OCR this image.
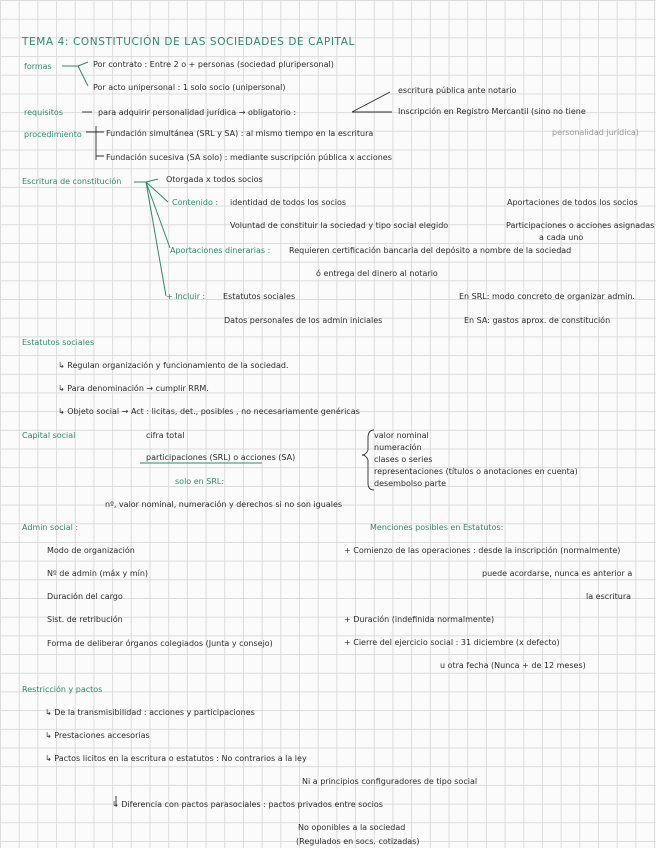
TEMA 4: CONSTITUCIÓN DE LAS SOCIEDADES DE CAPITAL
formas	Por contrato : Entre 2 o + personas (sociedad pluripersonal)
Por acto unipersonal : 1 solo socio (unipersonal)
requisitos	para adquirir personalidad jurídica → obligatorio :
escritura pública ante notario
Inscripción en Registro Mercantil (sino no tiene
personalidad jurídica)
procedimiento	Fundación simultánea (SRL y SA) : al mismo tiempo en la escritura
Fundación sucesiva (SA solo) : mediante suscripción pública x acciones
Escritura de constitución	Otorgada x todos socios
Contenido : identidad de todos los socios	Aportaciones de todos los socios
Voluntad de constituir la sociedad y tipo social elegido	Participaciones o acciones asignadas
a cada uno
Aportaciones dinerarias : Requieren certificación bancaria del depósito a nombre de la sociedad
ó entrega del dinero al notario
+ Incluir : Estatutos sociales	En SRL: modo concreto de organizar admin.
Datos personales de los admin iniciales	En SA: gastos aprox. de constitución
Estatutos sociales
↳ Regulan organización y funcionamiento de la sociedad.
↳ Para denominación → cumplir RRM.
↳ Objeto social → Act : licitas, det., posibles , no necesariamente genéricas
Capital social	cifra total
participaciones (SRL) o acciones (SA)
solo en SRL:
valor nominal
numeración
clases o series
representaciones (títulos o anotaciones en cuenta)
desembolso parte
nº, valor nominal, numeración y derechos si no son iguales
Admin social :
Modo de organización
Nº de admin (máx y mín)
Duración del cargo
Sist. de retribución
Forma de deliberar órganos colegiados (Junta y consejo)
Menciones posibles en Estatutos:
+ Comienzo de las operaciones : desde la inscripción (normalmente)
puede acordarse, nunca es anterior a
la escritura
+ Duración (indefinida normalmente)
+ Cierre del ejercicio social : 31 diciembre (x defecto)
u otra fecha (Nunca + de 12 meses)
Restricción y pactos
↳ De la transmisibilidad : acciones y participaciones
↳ Prestaciones accesorias
↳ Pactos licitos en la escritura o estatutos : No contrarios a la ley
Ni a principios configuradores de tipo social
↳ Diferencia con pactos parasociales : pactos privados entre socios
No oponibles a la sociedad
(Regulados en socs. cotizadas)
